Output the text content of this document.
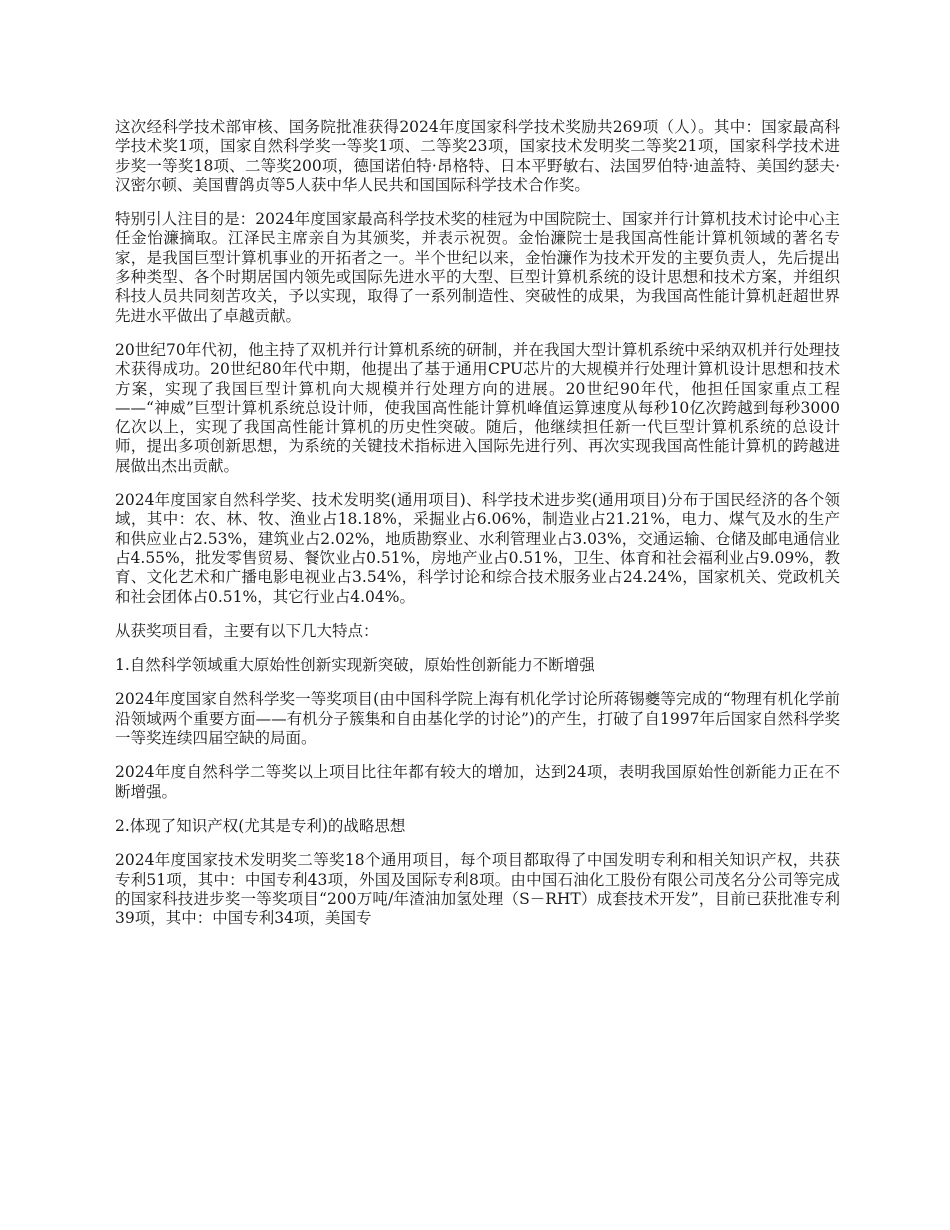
这次经科学技术部审核、国务院批准获得2024年度国家科学技术奖励共269项（人）。其中：国家最高科学技术奖1项，国家自然科学奖一等奖1项、二等奖23项，国家技术发明奖二等奖21项，国家科学技术进步奖一等奖18项、二等奖200项，德国诺伯特·昂格特、日本平野敏右、法国罗伯特·迪盖特、美国约瑟夫·汉密尔顿、美国曹鸽贞等5人获中华人民共和国国际科学技术合作奖。

特别引人注目的是：2024年度国家最高科学技术奖的桂冠为中国院院士、国家并行计算机技术讨论中心主任金怡濂摘取。江泽民主席亲自为其颁奖，并表示祝贺。金怡濂院士是我国高性能计算机领域的著名专家，是我国巨型计算机事业的开拓者之一。半个世纪以来，金怡濂作为技术开发的主要负责人，先后提出多种类型、各个时期居国内领先或国际先进水平的大型、巨型计算机系统的设计思想和技术方案，并组织科技人员共同刻苦攻关，予以实现，取得了一系列制造性、突破性的成果，为我国高性能计算机赶超世界先进水平做出了卓越贡献。

20世纪70年代初，他主持了双机并行计算机系统的研制，并在我国大型计算机系统中采纳双机并行处理技术获得成功。20世纪80年代中期，他提出了基于通用CPU芯片的大规模并行处理计算机设计思想和技术方案，实现了我国巨型计算机向大规模并行处理方向的进展。20世纪90年代，他担任国家重点工程——“神威”巨型计算机系统总设计师，使我国高性能计算机峰值运算速度从每秒10亿次跨越到每秒3000亿次以上，实现了我国高性能计算机的历史性突破。随后，他继续担任新一代巨型计算机系统的总设计师，提出多项创新思想，为系统的关键技术指标进入国际先进行列、再次实现我国高性能计算机的跨越进展做出杰出贡献。

2024年度国家自然科学奖、技术发明奖(通用项目)、科学技术进步奖(通用项目)分布于国民经济的各个领域，其中：农、林、牧、渔业占18.18%，采掘业占6.06%，制造业占21.21%，电力、煤气及水的生产和供应业占2.53%，建筑业占2.02%，地质勘察业、水利管理业占3.03%，交通运输、仓储及邮电通信业占4.55%，批发零售贸易、餐饮业占0.51%，房地产业占0.51%，卫生、体育和社会福利业占9.09%，教育、文化艺术和广播电影电视业占3.54%，科学讨论和综合技术服务业占24.24%，国家机关、党政机关和社会团体占0.51%，其它行业占4.04%。

从获奖项目看，主要有以下几大特点：

1.自然科学领域重大原始性创新实现新突破，原始性创新能力不断增强

2024年度国家自然科学奖一等奖项目(由中国科学院上海有机化学讨论所蒋锡夔等完成的“物理有机化学前沿领域两个重要方面——有机分子簇集和自由基化学的讨论”)的产生，打破了自1997年后国家自然科学奖一等奖连续四届空缺的局面。

2024年度自然科学二等奖以上项目比往年都有较大的增加，达到24项，表明我国原始性创新能力正在不断增强。

2.体现了知识产权(尤其是专利)的战略思想

2024年度国家技术发明奖二等奖18个通用项目，每个项目都取得了中国发明专利和相关知识产权，共获专利51项，其中：中国专利43项，外国及国际专利8项。由中国石油化工股份有限公司茂名分公司等完成的国家科技进步奖一等奖项目“200万吨/年渣油加氢处理（S－RHT）成套技术开发”，目前已获批准专利39项，其中：中国专利34项，美国专
